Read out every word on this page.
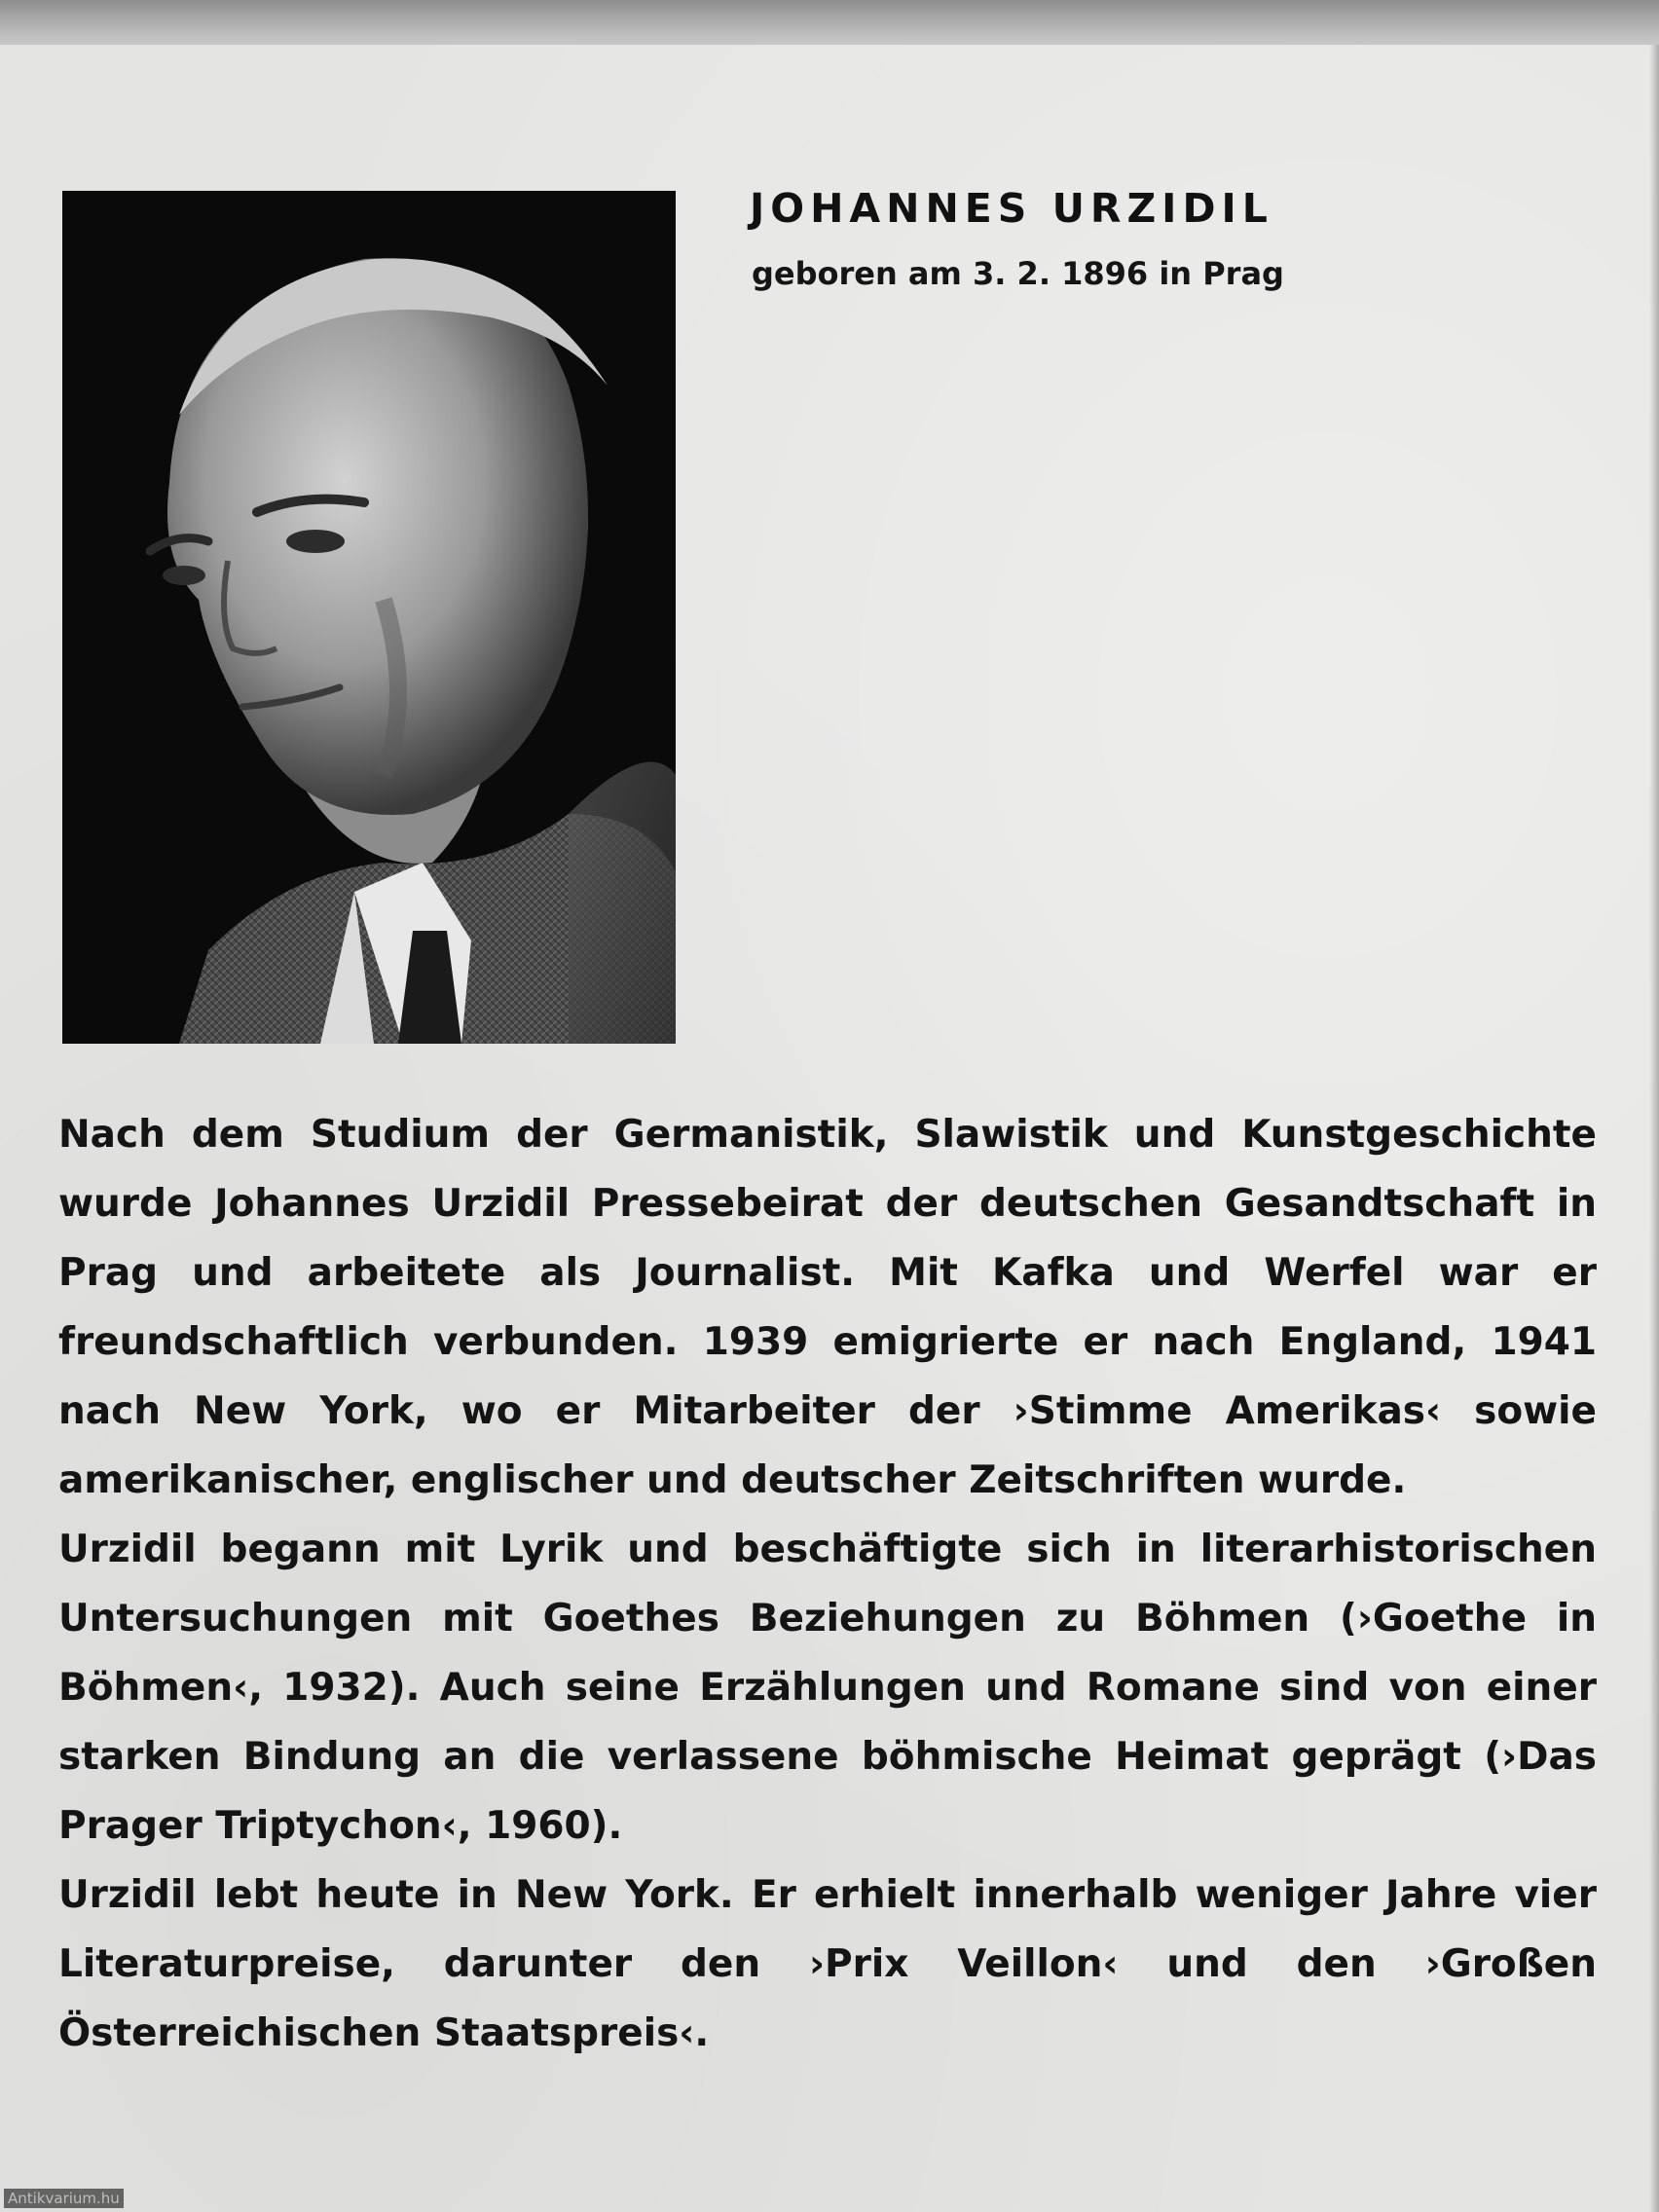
JOHANNES URZIDIL

geboren am 3. 2. 1896 in Prag

Nach dem Studium der Germanistik, Slawistik und Kunstgeschichte wurde Johannes Urzidil Pressebeirat der deutschen Gesandtschaft in Prag und arbeitete als Journalist. Mit Kafka und Werfel war er freundschaftlich verbunden. 1939 emigrierte er nach England, 1941 nach New York, wo er Mitarbeiter der ›Stimme Amerikas‹ sowie amerikanischer, englischer und deutscher Zeitschriften wurde.

Urzidil begann mit Lyrik und beschäftigte sich in literarhistorischen Untersuchungen mit Goethes Beziehungen zu Böhmen (›Goethe in Böhmen‹, 1932). Auch seine Erzählungen und Romane sind von einer starken Bindung an die verlassene böhmische Heimat geprägt (›Das Prager Triptychon‹, 1960).

Urzidil lebt heute in New York. Er erhielt innerhalb weniger Jahre vier Literaturpreise, darunter den ›Prix Veillon‹ und den ›Großen Österreichischen Staatspreis‹.

Antikvarium.hu
